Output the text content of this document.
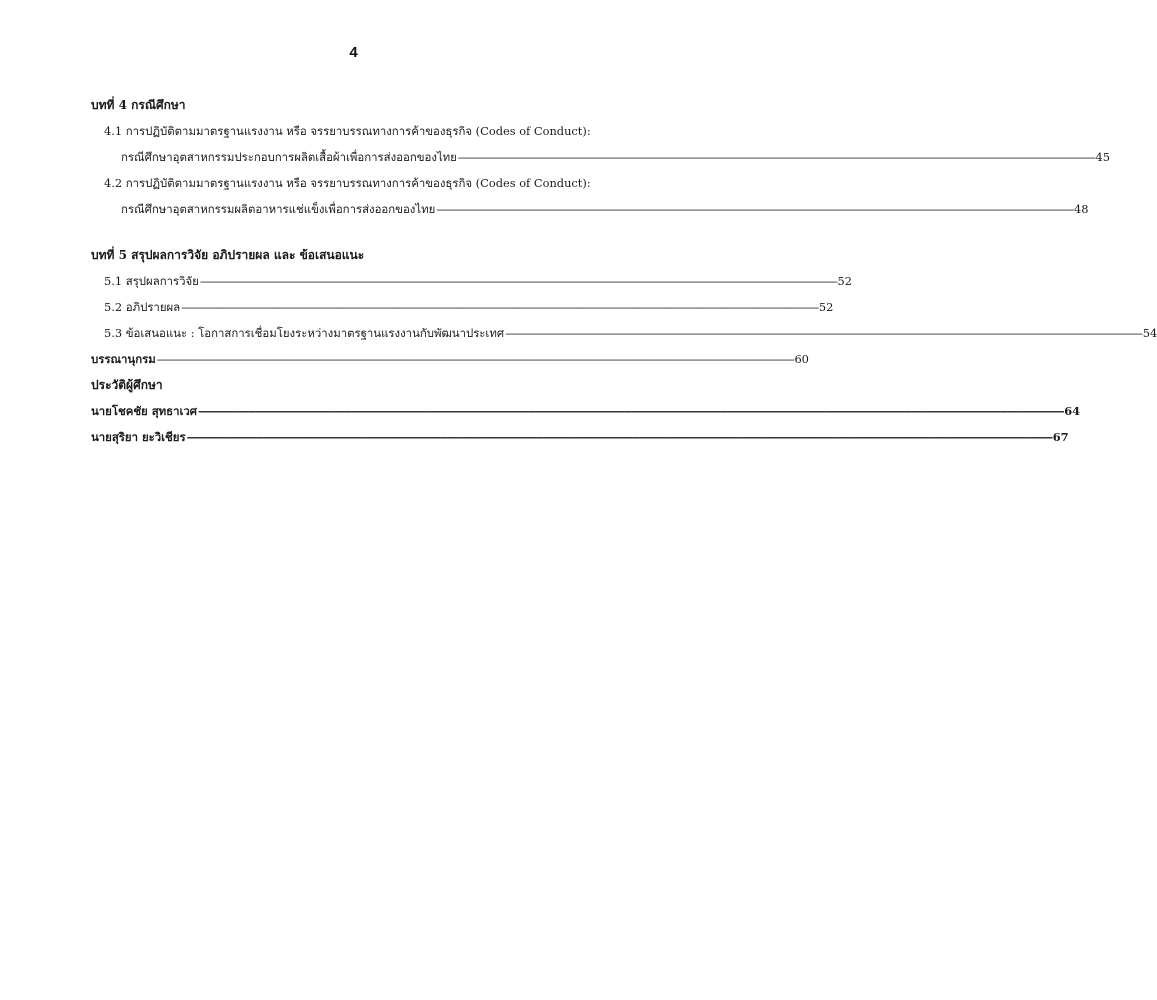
4
บทที่ 4 กรณีศึกษา
4.1 การปฏิบัติตามมาตรฐานแรงงาน หรือ จรรยาบรรณทางการค้าของธุรกิจ (Codes of Conduct):
กรณีศึกษาอุตสาหกรรมประกอบการผลิตเสื้อผ้าเพื่อการส่งออกของไทย -------------------------------------------------------------------------------------------------------------------------------------------------------------------------------------------------------------------------------------------------------------------- 45
4.2 การปฏิบัติตามมาตรฐานแรงงาน หรือ จรรยาบรรณทางการค้าของธุรกิจ (Codes of Conduct):
กรณีศึกษาอุตสาหกรรมผลิตอาหารแช่แข็งเพื่อการส่งออกของไทย -------------------------------------------------------------------------------------------------------------------------------------------------------------------------------------------------------------------------------------------------------------------- 48
บทที่ 5 สรุปผลการวิจัย อภิปรายผล และ ข้อเสนอแนะ
5.1 สรุปผลการวิจัย -------------------------------------------------------------------------------------------------------------------------------------------------------------------------------------------------------------------------------------------------------------------- 52
5.2 อภิปรายผล -------------------------------------------------------------------------------------------------------------------------------------------------------------------------------------------------------------------------------------------------------------------- 52
5.3 ข้อเสนอแนะ : โอกาสการเชื่อมโยงระหว่างมาตรฐานแรงงานกับพัฒนาประเทศ -------------------------------------------------------------------------------------------------------------------------------------------------------------------------------------------------------------------------------------------------------------------- 54
บรรณานุกรม -------------------------------------------------------------------------------------------------------------------------------------------------------------------------------------------------------------------------------------------------------------------- 60
ประวัติผู้ศึกษา
นายโชคชัย สุทธาเวศ -------------------------------------------------------------------------------------------------------------------------------------------------------------------------------------------------------------------------------------------------------------------- 64
นายสุริยา ยะวิเชียร -------------------------------------------------------------------------------------------------------------------------------------------------------------------------------------------------------------------------------------------------------------------- 67
